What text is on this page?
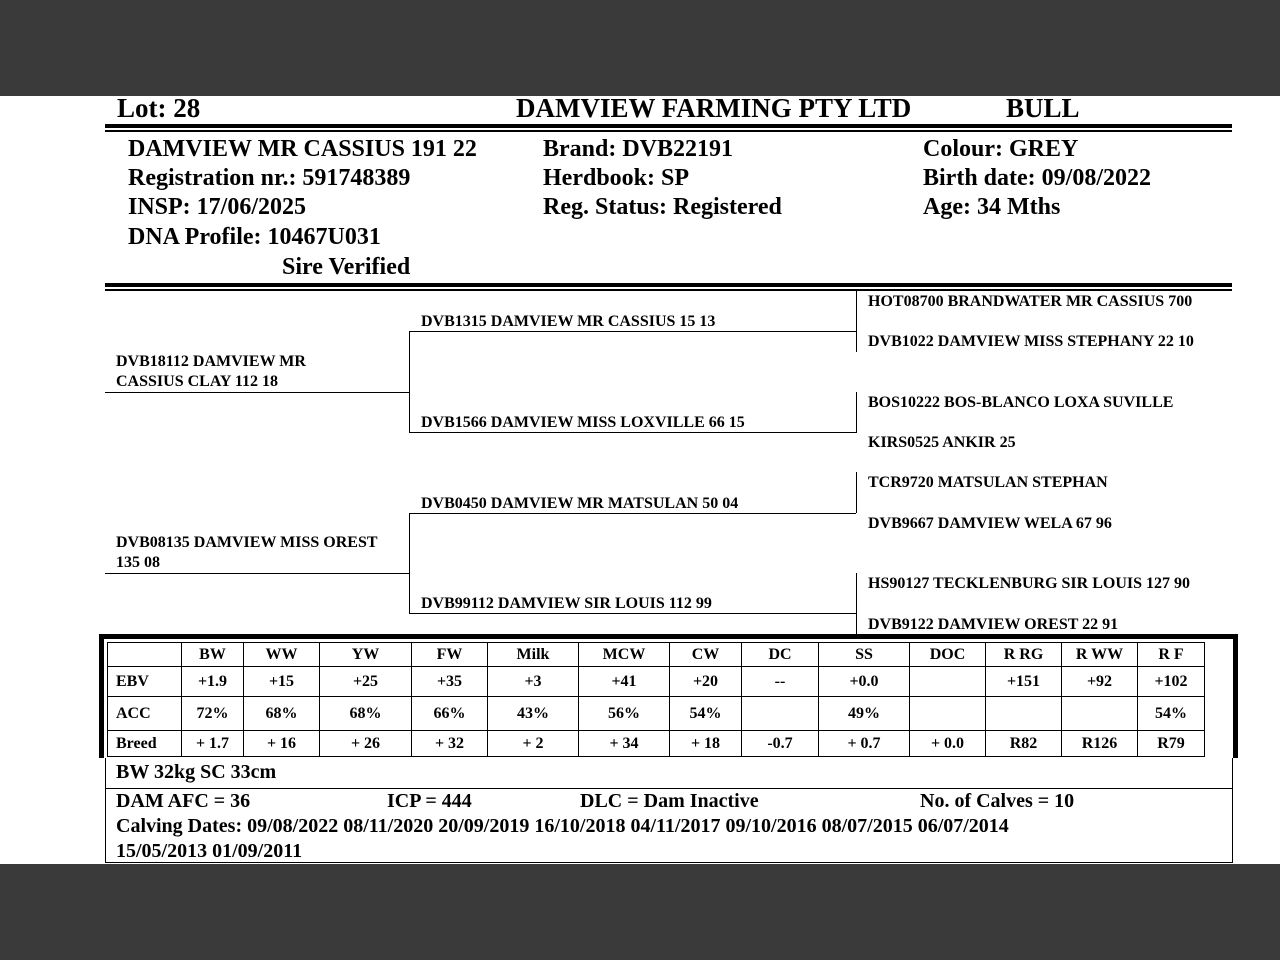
Lot: 28	DAMVIEW FARMING PTY LTD	BULL
DAMVIEW MR CASSIUS 191 22
Registration nr.: 591748389
INSP: 17/06/2025
DNA Profile: 10467U031
Sire Verified
Brand: DVB22191
Herdbook: SP
Reg. Status: Registered
Colour: GREY
Birth date: 09/08/2022
Age: 34 Mths
DVB18112 DAMVIEW MR
CASSIUS CLAY 112 18
DVB08135 DAMVIEW MISS OREST
135 08
DVB1315 DAMVIEW MR CASSIUS 15 13
DVB1566 DAMVIEW MISS LOXVILLE 66 15
DVB0450 DAMVIEW MR MATSULAN 50 04
DVB99112 DAMVIEW SIR LOUIS 112 99
HOT08700 BRANDWATER MR CASSIUS 700
DVB1022 DAMVIEW MISS STEPHANY 22 10
BOS10222 BOS-BLANCO LOXA SUVILLE
KIRS0525 ANKIR 25
TCR9720 MATSULAN STEPHAN
DVB9667 DAMVIEW WELA 67 96
HS90127 TECKLENBURG SIR LOUIS 127 90
DVB9122 DAMVIEW OREST 22 91
	BW	WW	YW	FW	Milk	MCW	CW	DC	SS	DOC	R RG	R WW	R F
EBV	+1.9	+15	+25	+35	+3	+41	+20	--	+0.0		+151	+92	+102
ACC	72%	68%	68%	66%	43%	56%	54%		49%				54%
Breed	+ 1.7	+ 16	+ 26	+ 32	+ 2	+ 34	+ 18	-0.7	+ 0.7	+ 0.0	R82	R126	R79
BW 32kg SC 33cm
DAM AFC = 36	ICP = 444	DLC = Dam Inactive	No. of Calves = 10
Calving Dates: 09/08/2022 08/11/2020 20/09/2019 16/10/2018 04/11/2017 09/10/2016 08/07/2015 06/07/2014
15/05/2013 01/09/2011
